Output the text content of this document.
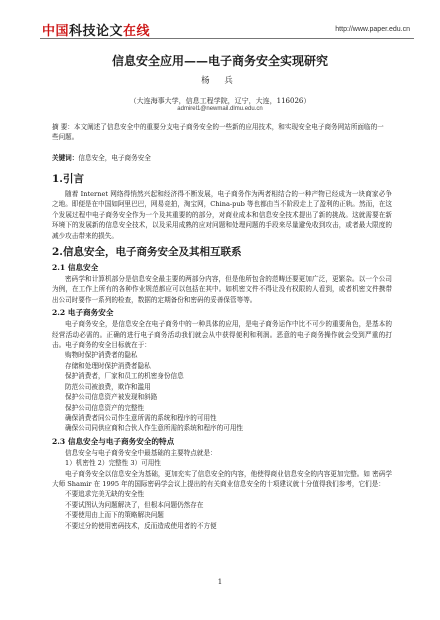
中国科技论文在线	http://www.paper.edu.cn
信息安全应用——电子商务安全实现研究
杨 兵
（大连海事大学，信息工程学院，辽宁，大连，116026）
admirel1@newmail.dlmu.edu.cn
摘 要：本文阐述了信息安全中的重要分支电子商务安全的一些新的应用技术，和实现安全电子商务网站所面临的一些问题。
关键词：信息安全，电子商务安全
1.引言

随着 Internet 网络得悄然兴起和经济得不断发展，电子商务作为两者相结合的一种产物已经成为一块商家必争之地。即便是在中国如阿里巴巴，网易竞拍，淘宝网，China-pub 等也都由当不阶段走上了盈利的正轨。然而，在这个发展过程中电子商务安全作为一个及其重要的的部分，对商业成本和信息安全技术提出了新的挑战。这就需要在新环境下的发展新的信息安全技术，以及采用成熟的应对问题和处理问题的手段来尽量避免收到攻击，或者最大限度的减少攻击带来的损失。

2.信息安全，电子商务安全及其相互联系
2.1 信息安全

密码学和计算机部分是信息安全最主要的两部分内容，但是他所包含的范畴还要更加广泛，更繁杂。以一个公司为例，在工作上所有的各种作业规范都应可以包括在其中。如机密文件不得让没有权限的人看到，或者机密文件携带出公司时要作一系列的检查，数据的定期备份和密码的妥善保管等等。

2.2 电子商务安全

电子商务安全，是信息安全在电子商务中的一种具体的应用，是电子商务运作中比不可少的重要角色，是基本的经营活动必需的。正确的进行电子商务活动我们就会从中获得便利和利润。恶意的电子商务操作就会受到严重的打击。电子商务的安全目标就在于：

购物时保护消费者的隐私
存储和处理时保护消费者隐私
保护消费者，厂家和员工的机密身份信息
防范公司被浪费，欺诈和滥用
保护公司信息资产被发现和斜路
保护公司信息资产的完整性
确保消费者同公司作生意所需的系统和程序的可用性
确保公司同供应商和合伙人作生意所需的系统和程序的可用性
2.3 信息安全与电子商务安全的特点

信息安全与电子商务安全中最基础的主要特点就是：

1）机密性 2）完整性 3）可用性

电子商务安全以信息安全为基础，更加充实了信息安全的内容，他使得商业信息安全的内容更加完整。如 密码学大师 Shamir 在 1995 年的国际密码学会议上提出的有关商业信息安全的十项建议就十分值得我们参考，它们是：

不要追求完美无缺的安全性
不要试图认为问题解决了，但根本问题仍然存在
不要使用由上而下的策略解决问题
不要过分的使用密码技术，反而造成使用者的不方便
1
